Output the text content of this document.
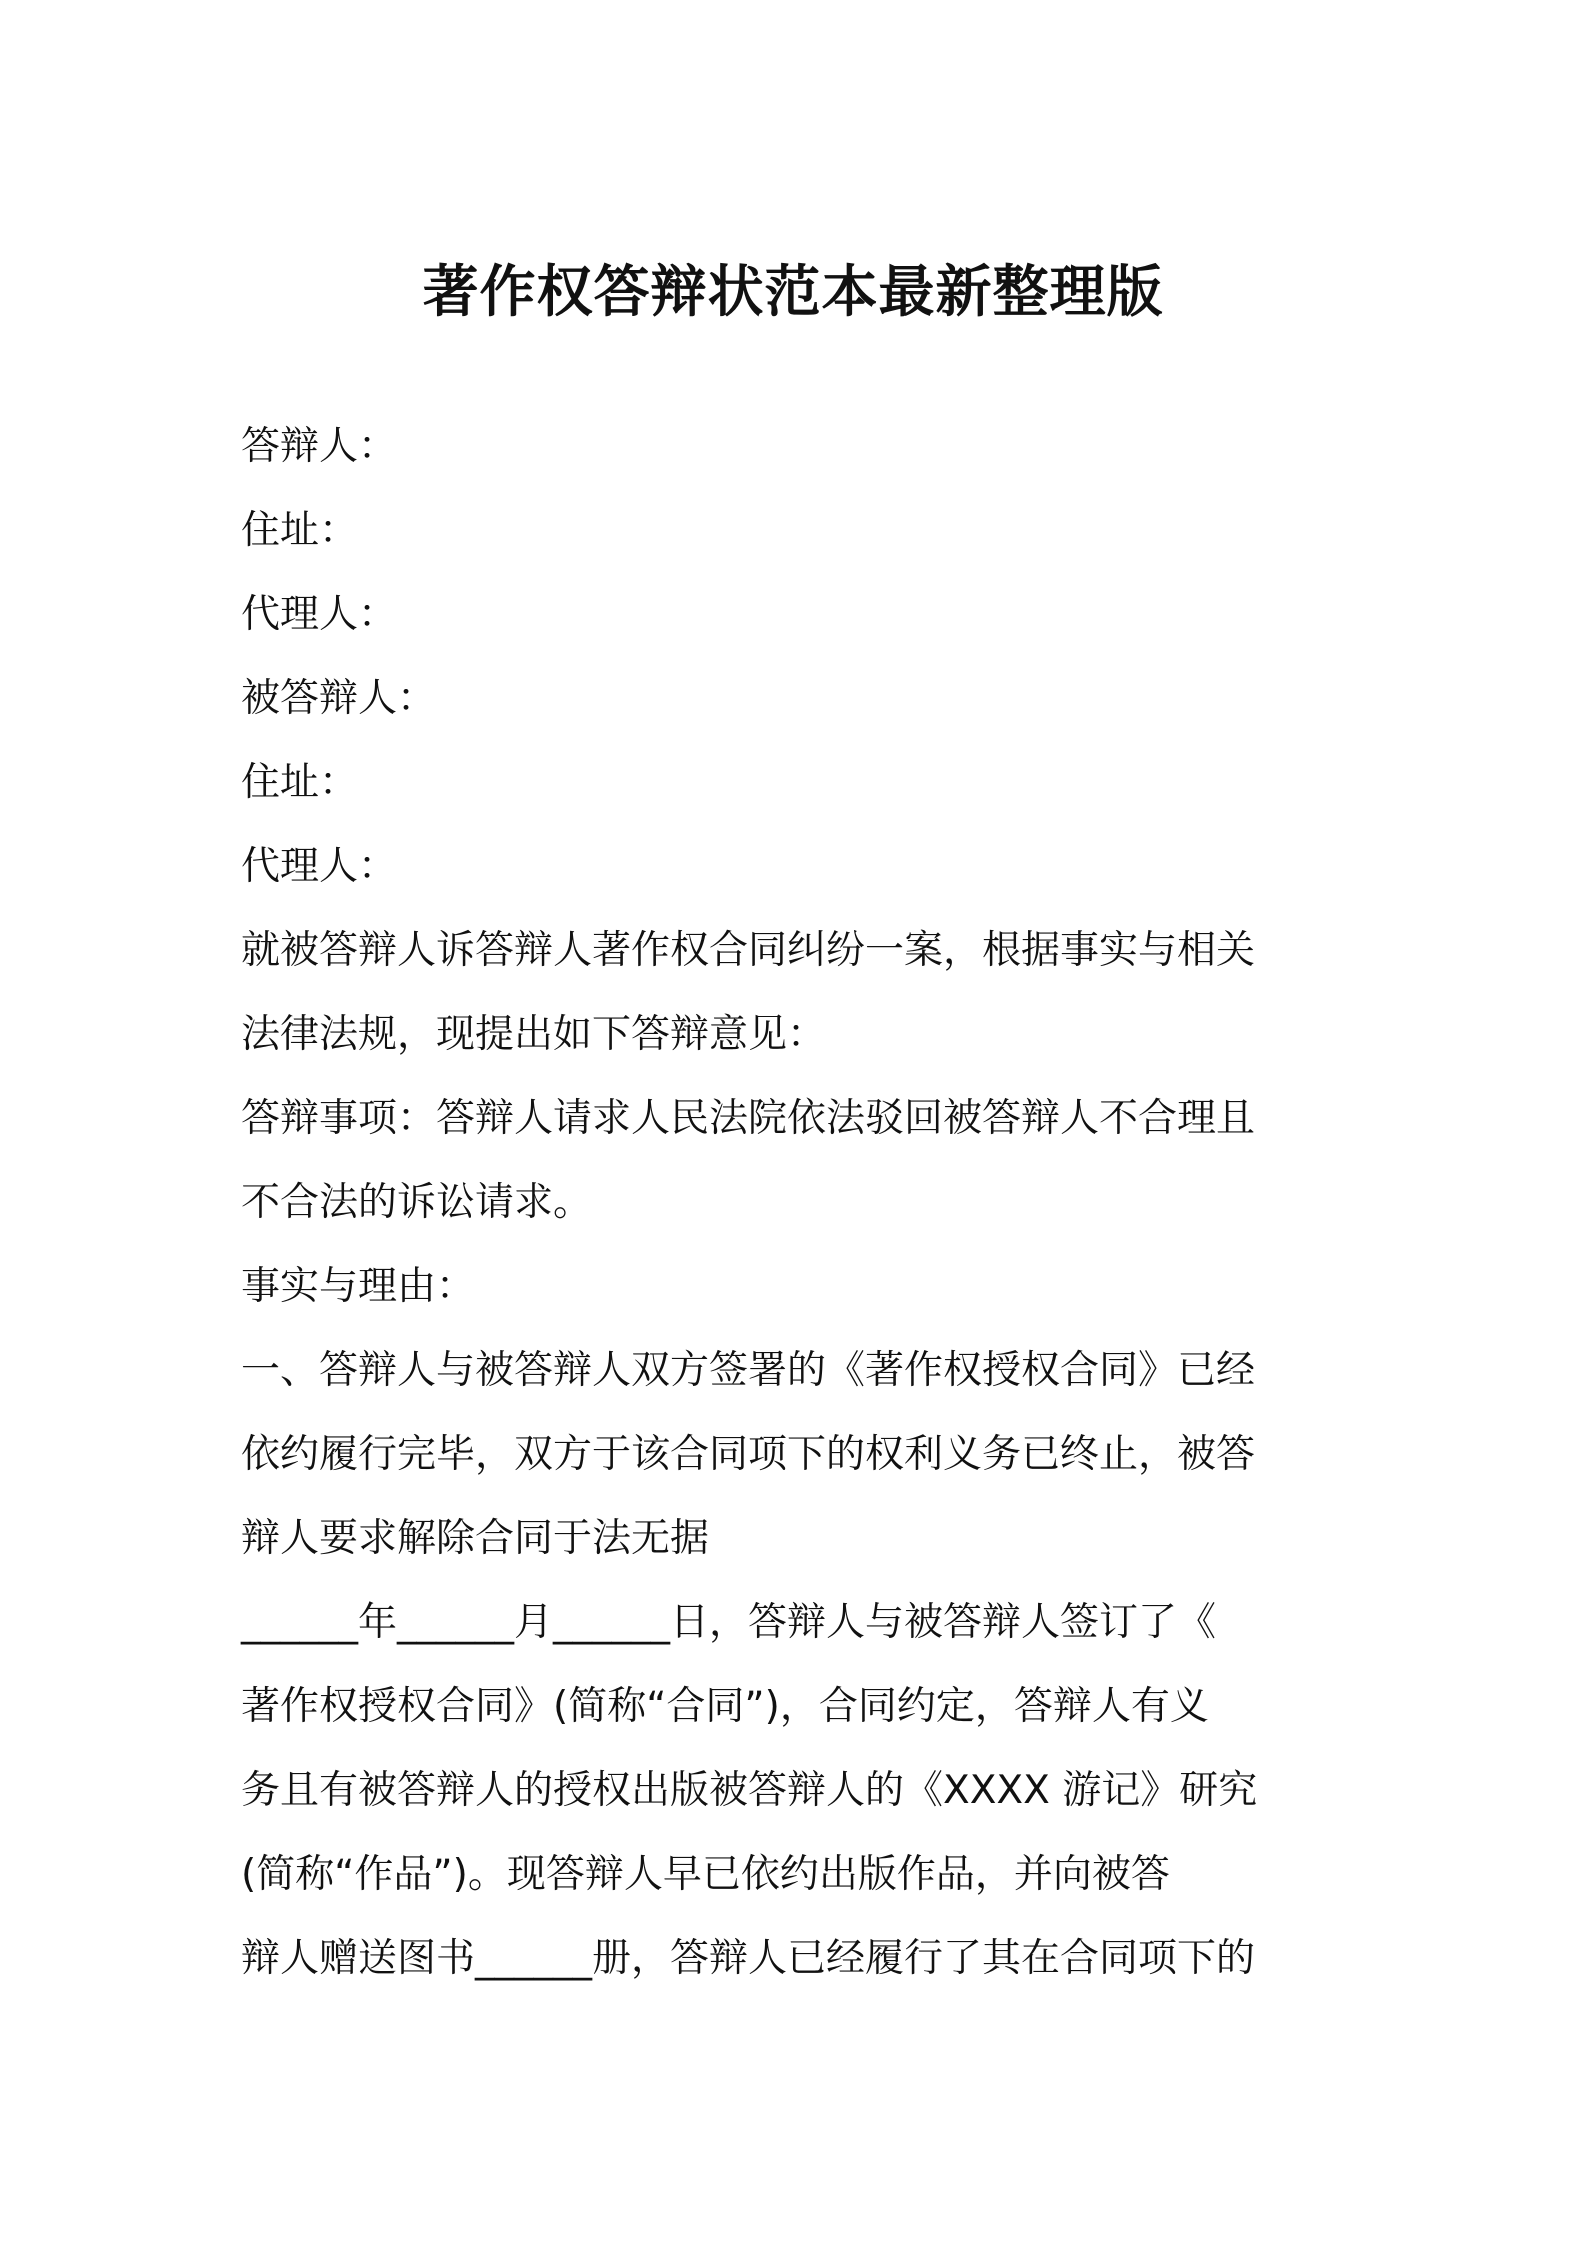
著作权答辩状范本最新整理版
答辩人：
住址：
代理人：
被答辩人：
住址：
代理人：
就被答辩人诉答辩人著作权合同纠纷一案，根据事实与相关
法律法规，现提出如下答辩意见：
答辩事项：答辩人请求人民法院依法驳回被答辩人不合理且
不合法的诉讼请求。
事实与理由：
一、答辩人与被答辩人双方签署的《著作权授权合同》已经
依约履行完毕，双方于该合同项下的权利义务已终止，被答
辩人要求解除合同于法无据
______年______月______日，答辩人与被答辩人签订了《
著作权授权合同》(简称“合同”)，合同约定，答辩人有义
务且有被答辩人的授权出版被答辩人的《XXXX 游记》研究
(简称“作品”)。现答辩人早已依约出版作品，并向被答
辩人赠送图书______册，答辩人已经履行了其在合同项下的
